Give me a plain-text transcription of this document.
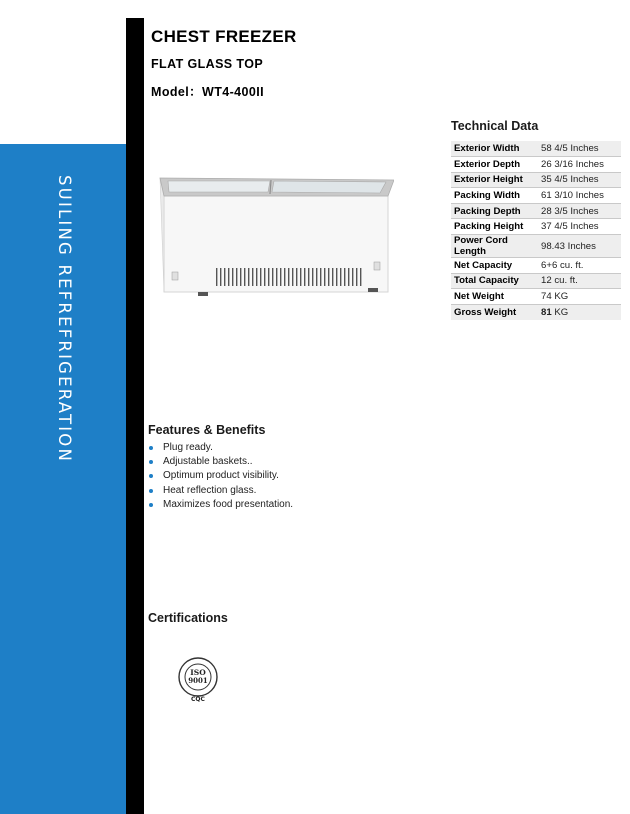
SUILING REFREFRIGERATION
CHEST FREEZER
FLAT GLASS TOP
Model：WT4-400II
Technical Data
Exterior Width	58 4/5 Inches
Exterior Depth	26 3/16 Inches
Exterior Height	35 4/5 Inches
Packing Width	61 3/10 Inches
Packing Depth	28 3/5 Inches
Packing Height	37 4/5 Inches
Power Cord Length	98.43 Inches
Net Capacity	6+6 cu. ft.
Total Capacity	12 cu. ft.
Net Weight	74 KG
Gross Weight	81 KG
Features & Benefits
Plug ready.
Adjustable baskets..
Optimum product visibility.
Heat reflection glass.
Maximizes food presentation.
Certifications
ISO
9001
CQC
